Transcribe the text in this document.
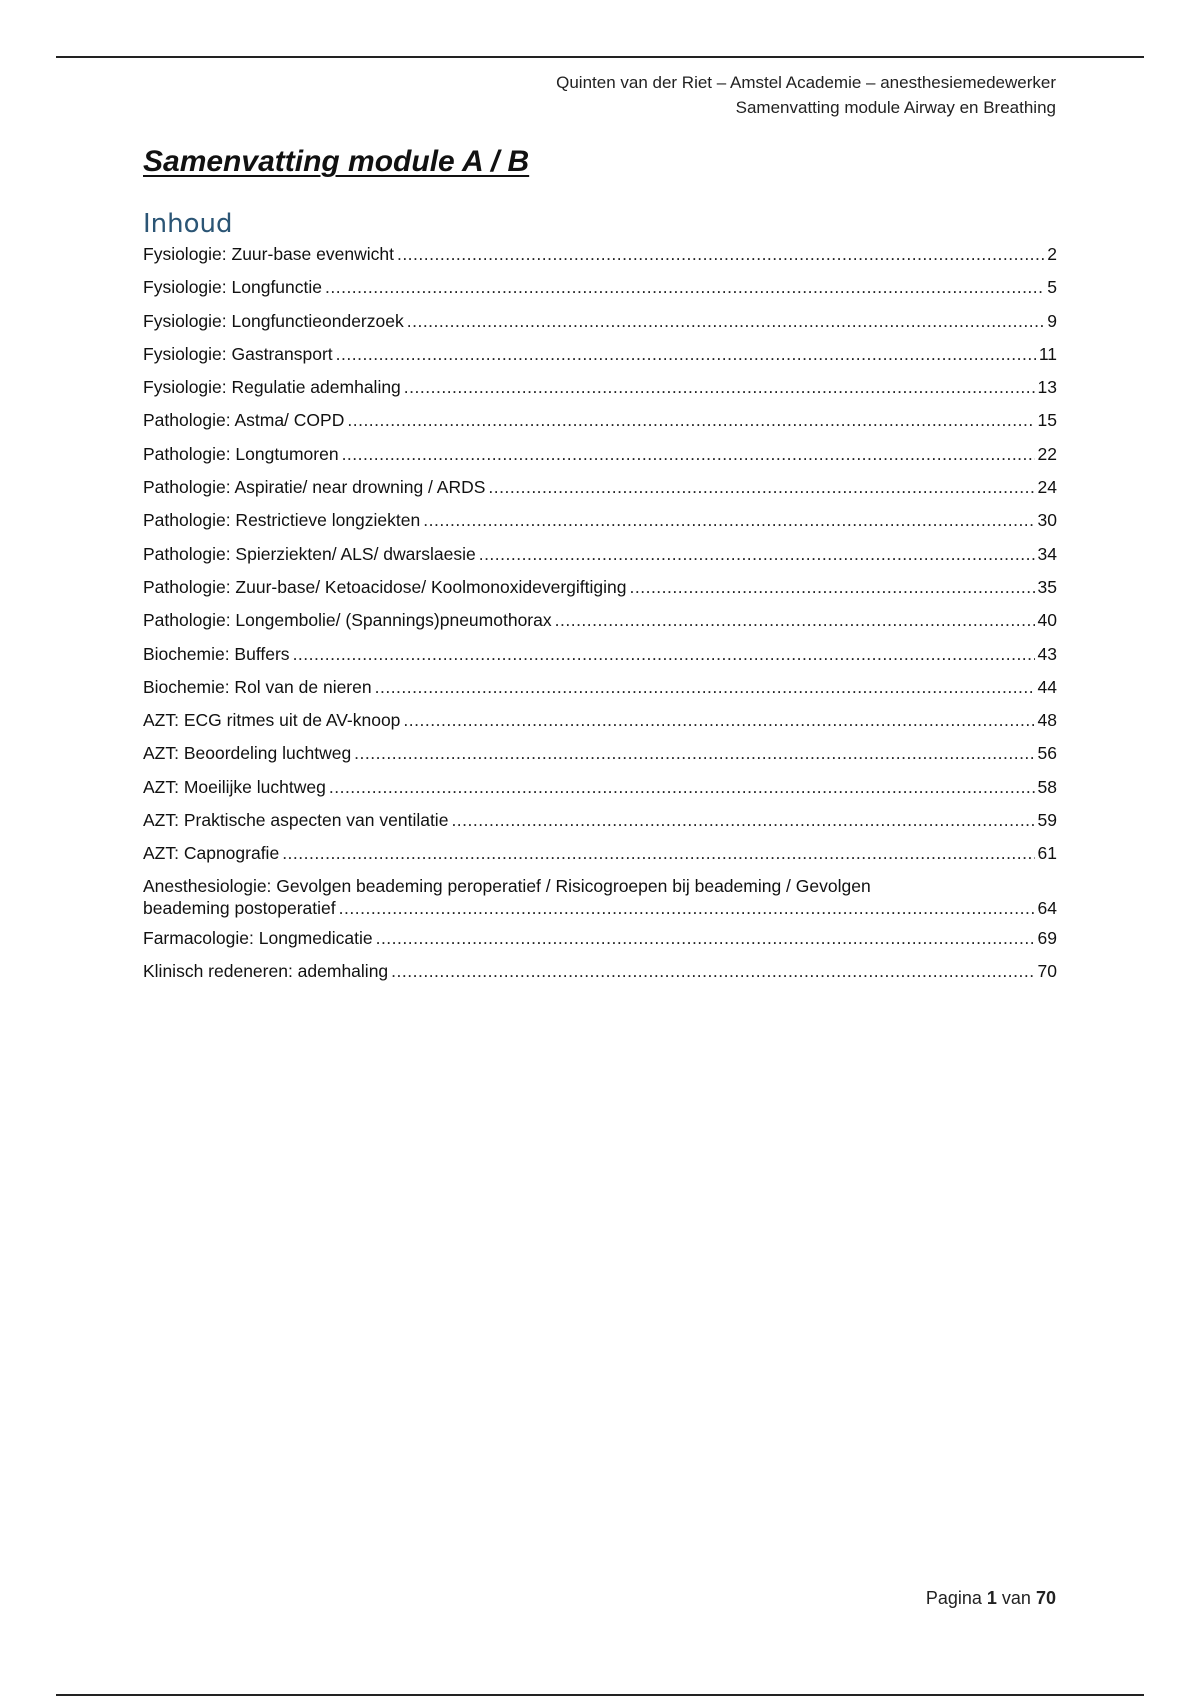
Quinten van der Riet – Amstel Academie – anesthesiemedewerker
Samenvatting module Airway en Breathing
Samenvatting module A / B
Inhoud
Fysiologie: Zuur-base evenwicht .....	2
Fysiologie: Longfunctie .....	5
Fysiologie: Longfunctieonderzoek .....	9
Fysiologie: Gastransport .....	11
Fysiologie: Regulatie ademhaling .....	13
Pathologie: Astma/ COPD .....	15
Pathologie: Longtumoren .....	22
Pathologie: Aspiratie/ near drowning / ARDS .....	24
Pathologie: Restrictieve longziekten .....	30
Pathologie: Spierziekten/ ALS/ dwarslaesie .....	34
Pathologie: Zuur-base/ Ketoacidose/ Koolmonoxidevergiftiging .....	35
Pathologie: Longembolie/ (Spannings)pneumothorax .....	40
Biochemie: Buffers .....	43
Biochemie: Rol van de nieren .....	44
AZT: ECG ritmes uit de AV-knoop .....	48
AZT: Beoordeling luchtweg .....	56
AZT: Moeilijke luchtweg .....	58
AZT: Praktische aspecten van ventilatie .....	59
AZT: Capnografie .....	61
Anesthesiologie: Gevolgen beademing peroperatief / Risicogroepen bij beademing / Gevolgen
beademing postoperatief .....	64
Farmacologie: Longmedicatie .....	69
Klinisch redeneren: ademhaling .....	70
Pagina 1 van 70
